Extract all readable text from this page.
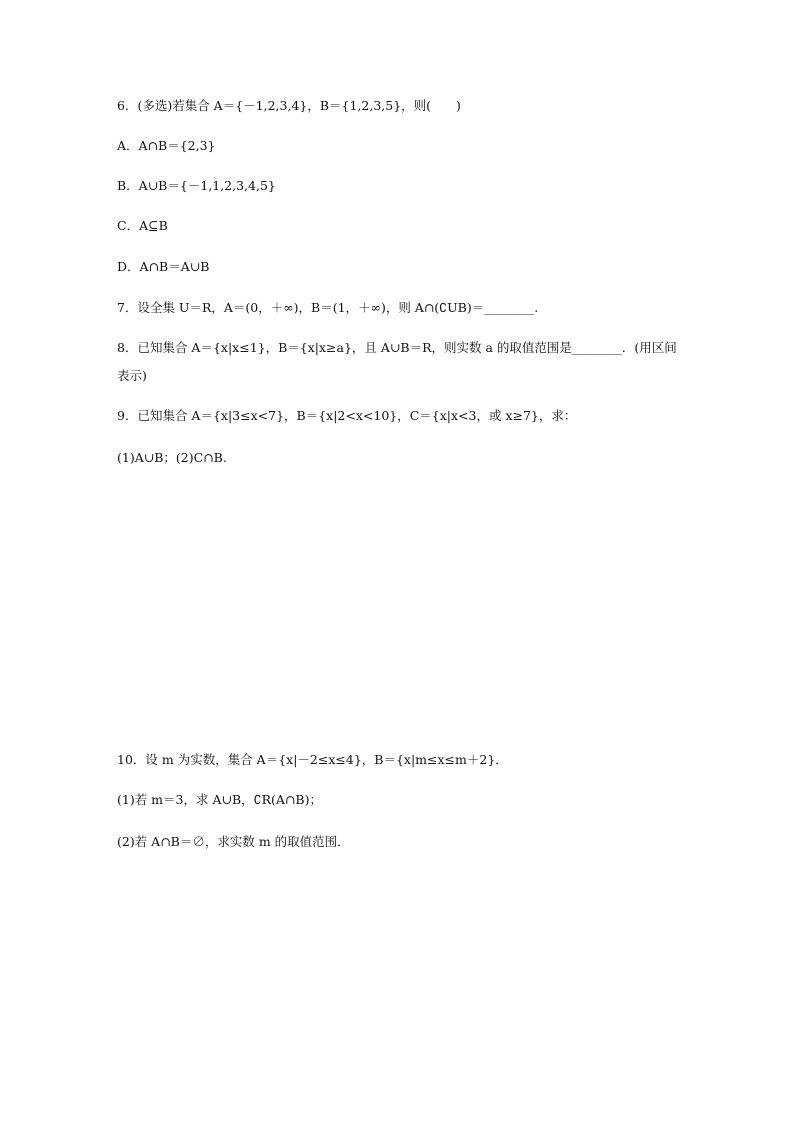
6．(多选)若集合 A＝{－1,2,3,4}，B＝{1,2,3,5}，则(　　)
A．A∩B＝{2,3}
B．A∪B＝{－1,1,2,3,4,5}
C．A⊆B
D．A∩B＝A∪B
7．设全集 U＝R，A＝(0，＋∞)，B＝(1，＋∞)，则 A∩(∁UB)＝________.
8．已知集合 A＝{x|x≤1}，B＝{x|x≥a}，且 A∪B＝R，则实数 a 的取值范围是________．(用区间表示)
9．已知集合 A＝{x|3≤x<7}，B＝{x|2<x<10}，C＝{x|x<3，或 x≥7}，求：
(1)A∪B；(2)C∩B.
10．设 m 为实数，集合 A＝{x|－2≤x≤4}，B＝{x|m≤x≤m＋2}．
(1)若 m＝3，求 A∪B，∁R(A∩B)；
(2)若 A∩B＝∅，求实数 m 的取值范围．
